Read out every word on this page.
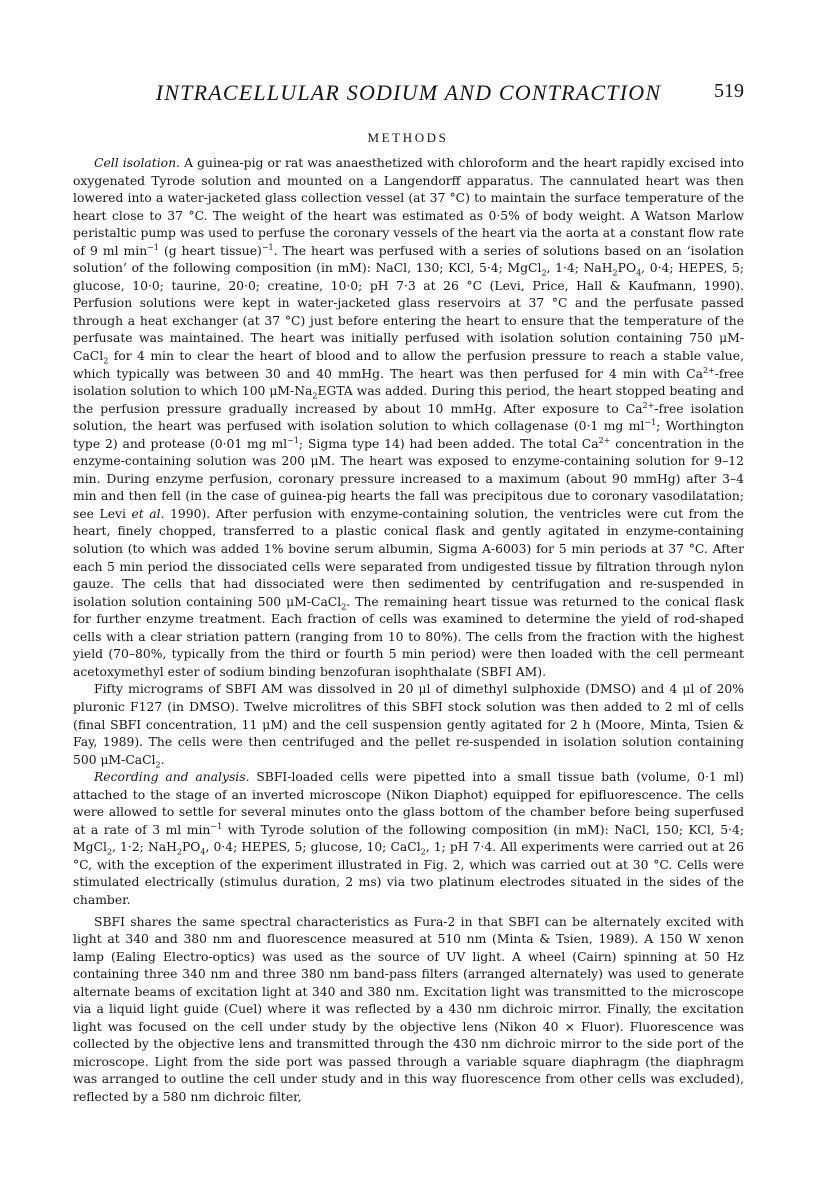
INTRACELLULAR SODIUM AND CONTRACTION	519
METHODS

Cell isolation. A guinea-pig or rat was anaesthetized with chloroform and the heart rapidly excised into oxygenated Tyrode solution and mounted on a Langendorff apparatus. The cannulated heart was then lowered into a water-jacketed glass collection vessel (at 37 °C) to maintain the surface temperature of the heart close to 37 °C. The weight of the heart was estimated as 0·5% of body weight. A Watson Marlow peristaltic pump was used to perfuse the coronary vessels of the heart via the aorta at a constant flow rate of 9 ml $\min^{-1} (g$ heart tissue)$^{-1}$. The heart was perfused with a series of solutions based on an ‘isolation solution’ of the following composition (in mM): NaCl, 130; KCl, 5·4; MgCl$_2$, 1·4; $NaH_2PO_4$, 0·4; HEPES, 5; glucose, 10·0; taurine, 20·0; creatine, 10·0; pH 7·3 at 26 °C (Levi, Price, Hall & Kaufmann, 1990). Perfusion solutions were kept in water-jacketed glass reservoirs at 37 °C and the perfusate passed through a heat exchanger (at 37 °C) just before entering the heart to ensure that the temperature of the perfusate was maintained. The heart was initially perfused with isolation solution containing 750 μM-CaCl$_2$ for 4 min to clear the heart of blood and to allow the perfusion pressure to reach a stable value, which typically was between 30 and 40 mmHg. The heart was then perfused for 4 min with $Ca^{2+}$-free isolation solution to which 100 $\mu M-Na_2EGTA$ was added. During this period, the heart stopped beating and the perfusion pressure gradually increased by about 10 mmHg. After exposure to $Ca^{2+}$-free isolation solution, the heart was perfused with isolation solution to which collagenase (0·1 mg $ml^{-1}$; Worthington type 2) and protease (0·01 mg $ml^{-1}$; Sigma type 14) had been added. The total $Ca^{2+}$ concentration in the enzyme-containing solution was 200 μM. The heart was exposed to enzyme-containing solution for 9–12 min. During enzyme perfusion, coronary pressure increased to a maximum (about 90 mmHg) after 3–4 min and then fell (in the case of guinea-pig hearts the fall was precipitous due to coronary vasodilatation; see Levi et al. 1990). After perfusion with enzyme-containing solution, the ventricles were cut from the heart, finely chopped, transferred to a plastic conical flask and gently agitated in enzyme-containing solution (to which was added 1% bovine serum albumin, Sigma A-6003) for 5 min periods at 37 °C. After each 5 min period the dissociated cells were separated from undigested tissue by filtration through nylon gauze. The cells that had dissociated were then sedimented by centrifugation and re-suspended in isolation solution containing 500 μM-CaCl$_2$. The remaining heart tissue was returned to the conical flask for further enzyme treatment. Each fraction of cells was examined to determine the yield of rod-shaped cells with a clear striation pattern (ranging from 10 to 80%). The cells from the fraction with the highest yield (70–80%, typically from the third or fourth 5 min period) were then loaded with the cell permeant acetoxymethyl ester of sodium binding benzofuran isophthalate (SBFI AM).

Fifty micrograms of SBFI AM was dissolved in 20 μl of dimethyl sulphoxide (DMSO) and 4 μl of 20% pluronic F127 (in DMSO). Twelve microlitres of this SBFI stock solution was then added to 2 ml of cells (final SBFI concentration, 11 μM) and the cell suspension gently agitated for 2 h (Moore, Minta, Tsien & Fay, 1989). The cells were then centrifuged and the pellet re-suspended in isolation solution containing 500 μM-CaCl$_2$.

Recording and analysis. SBFI-loaded cells were pipetted into a small tissue bath (volume, 0·1 ml) attached to the stage of an inverted microscope (Nikon Diaphot) equipped for epifluorescence. The cells were allowed to settle for several minutes onto the glass bottom of the chamber before being superfused at a rate of 3 ml $\min^{-1}$ with Tyrode solution of the following composition (in mM): NaCl, 150; KCl, 5·4; MgCl$_2$, 1·2; $NaH_2PO_4$, 0·4; HEPES, 5; glucose, 10; CaCl$_2$, 1; pH 7·4. All experiments were carried out at 26 °C, with the exception of the experiment illustrated in Fig. 2, which was carried out at 30 °C. Cells were stimulated electrically (stimulus duration, 2 ms) via two platinum electrodes situated in the sides of the chamber.

SBFI shares the same spectral characteristics as Fura-2 in that SBFI can be alternately excited with light at 340 and 380 nm and fluorescence measured at 510 nm (Minta & Tsien, 1989). A 150 W xenon lamp (Ealing Electro-optics) was used as the source of UV light. A wheel (Cairn) spinning at 50 Hz containing three 340 nm and three 380 nm band-pass filters (arranged alternately) was used to generate alternate beams of excitation light at 340 and 380 nm. Excitation light was transmitted to the microscope via a liquid light guide (Cuel) where it was reflected by a 430 nm dichroic mirror. Finally, the excitation light was focused on the cell under study by the objective lens (Nikon 40 × Fluor). Fluorescence was collected by the objective lens and transmitted through the 430 nm dichroic mirror to the side port of the microscope. Light from the side port was passed through a variable square diaphragm (the diaphragm was arranged to outline the cell under study and in this way fluorescence from other cells was excluded), reflected by a 580 nm dichroic filter,
